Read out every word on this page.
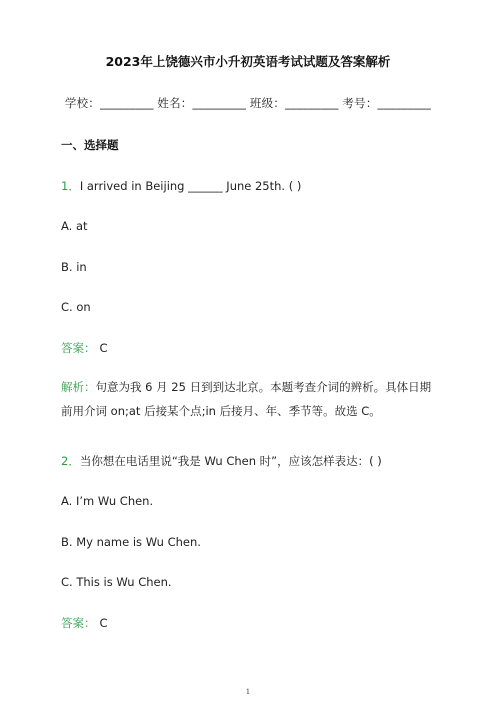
2023年上饶德兴市小升初英语考试试题及答案解析
学校：_________ 姓名：_________ 班级：_________ 考号：_________
一、选择题
1．I arrived in Beijing ______ June 25th. ( )
A. at
B. in
C. on
答案： C
解析：句意为我 6 月 25 日到到达北京。本题考查介词的辨析。具体日期前用介词 on;at 后接某个点;in 后接月、年、季节等。故选 C。
2．当你想在电话里说“我是 Wu Chen 时”，应该怎样表达：( )
A. I’m Wu Chen.
B. My name is Wu Chen.
C. This is Wu Chen.
答案： C
1
